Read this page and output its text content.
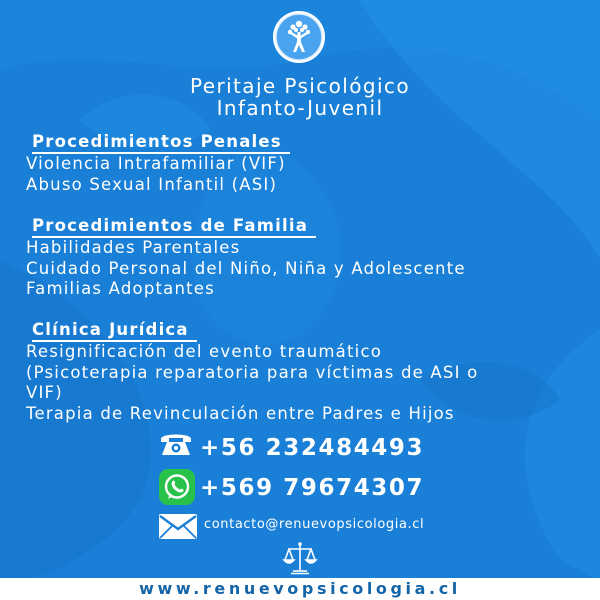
Peritaje Psicológico
Infanto-Juvenil
Procedimientos Penales
Violencia Intrafamiliar (VIF)
Abuso Sexual Infantil (ASI)
Procedimientos de Familia
Habilidades Parentales
Cuidado Personal del Niño, Niña y Adolescente
Familias Adoptantes
Clínica Jurídica
Resignificación del evento traumático
(Psicoterapia reparatoria para víctimas de ASI o
VIF)
Terapia de Revinculación entre Padres e Hijos
+56 232484493
+569 79674307
contacto@renuevopsicologia.cl
www.renuevopsicologia.cl
